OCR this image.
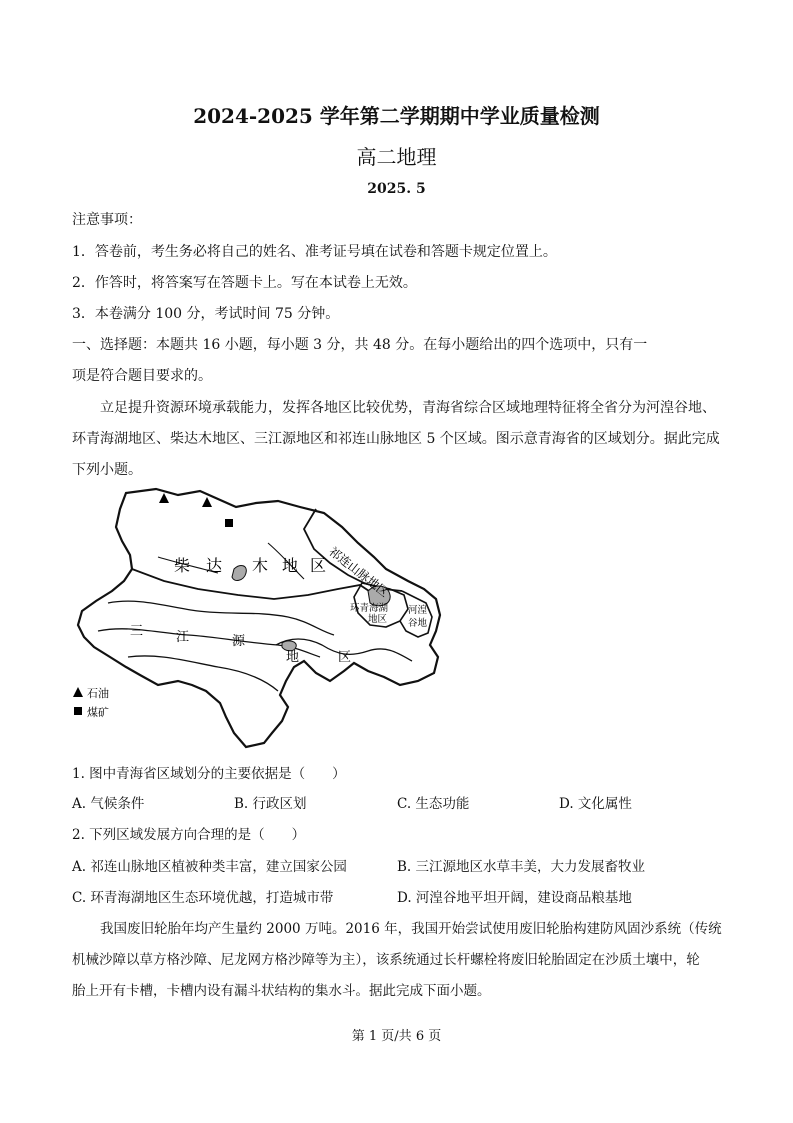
2024-2025 学年第二学期期中学业质量检测
高二地理
2025. 5
注意事项：
1．答卷前，考生务必将自己的姓名、准考证号填在试卷和答题卡规定位置上。
2．作答时，将答案写在答题卡上。写在本试卷上无效。
3．本卷满分 100 分，考试时间 75 分钟。
一、选择题：本题共 16 小题，每小题 3 分，共 48 分。在每小题给出的四个选项中，只有一
项是符合题目要求的。
立足提升资源环境承载能力，发挥各地区比较优势，青海省综合区域地理特征将全省分为河湟谷地、
环青海湖地区、柴达木地区、三江源地区和祁连山脉地区 5 个区域。图示意青海省的区域划分。据此完成
下列小题。
祁连山脉地区
柴 达 木 地 区
三	江	源
地	区
环青海湖
地区
河湟
谷地
石油
煤矿
1. 图中青海省区域划分的主要依据是（　　）
A. 气候条件	B. 行政区划	C. 生态功能	D. 文化属性
2. 下列区域发展方向合理的是（　　）
A. 祁连山脉地区植被种类丰富，建立国家公园	B. 三江源地区水草丰美，大力发展畜牧业
C. 环青海湖地区生态环境优越，打造城市带	D. 河湟谷地平坦开阔，建设商品粮基地
我国废旧轮胎年均产生量约 2000 万吨。2016 年，我国开始尝试使用废旧轮胎构建防风固沙系统（传统
机械沙障以草方格沙障、尼龙网方格沙障等为主），该系统通过长杆螺栓将废旧轮胎固定在沙质土壤中，轮
胎上开有卡槽，卡槽内设有漏斗状结构的集水斗。据此完成下面小题。
第 1 页/共 6 页
